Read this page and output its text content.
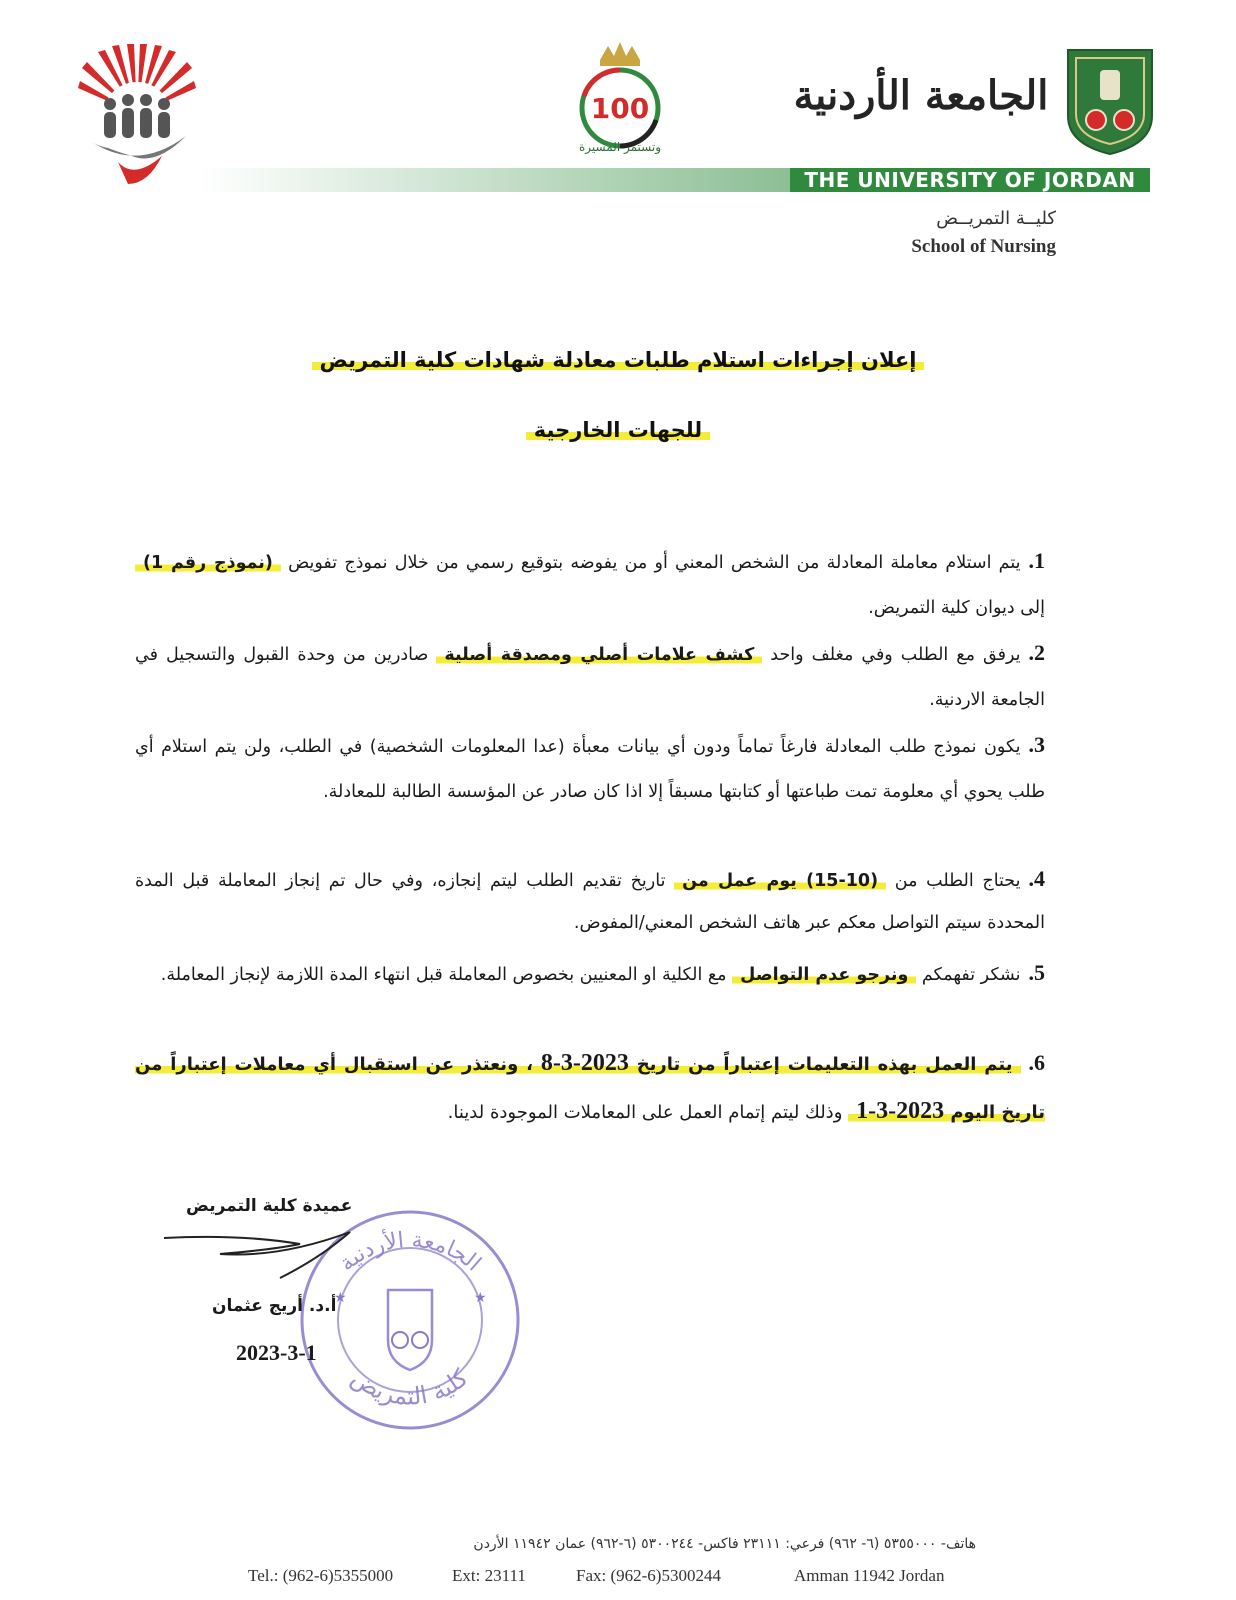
100
وتستمر المسيرة
الجامعة الأردنية
THE UNIVERSITY OF JORDAN
كليــة التمريــض
School of Nursing
إعلان إجراءات استلام طلبات معادلة شهادات كلية التمريض
للجهات الخارجية
1.يتم استلام معاملة المعادلة من الشخص المعني أو من يفوضه بتوقيع رسمي من خلال نموذج تفويض (نموذج رقم 1) إلى ديوان كلية التمريض.
2.يرفق مع الطلب وفي مغلف واحد كشف علامات أصلي ومصدقة أصلية صادرين من وحدة القبول والتسجيل في الجامعة الاردنية.
3.يكون نموذج طلب المعادلة فارغاً تماماً ودون أي بيانات معبأة (عدا المعلومات الشخصية) في الطلب، ولن يتم استلام أي طلب يحوي أي معلومة تمت طباعتها أو كتابتها مسبقاً إلا اذا كان صادر عن المؤسسة الطالبة للمعادلة.
4.يحتاج الطلب من (10-15) يوم عمل من تاريخ تقديم الطلب ليتم إنجازه، وفي حال تم إنجاز المعاملة قبل المدة المحددة سيتم التواصل معكم عبر هاتف الشخص المعني/المفوض.
5.نشكر تفهمكم ونرجو عدم التواصل مع الكلية او المعنيين بخصوص المعاملة قبل انتهاء المدة اللازمة لإنجاز المعاملة.
6.يتم العمل بهذه التعليمات إعتباراً من تاريخ 8-3-2023 ، ونعتذر عن استقبال أي معاملات إعتباراً من تاريخ اليوم 1-3-2023 وذلك ليتم إتمام العمل على المعاملات الموجودة لدينا.
الجامعة الأردنية
كلية التمريض
★	★
عميدة كلية التمريض
أ.د. أريج عثمان
2023-3-1
هاتف- ٥٣٥٥٠٠٠ (٦- ٩٦٢) فرعي: ٢٣١١١ فاكس- ٥٣٠٠٢٤٤ (٦-٩٦٢) عمان ١١٩٤٢ الأردن
Tel.: (962-6)5355000	Ext: 23111	Fax: (962-6)5300244	Amman 11942 Jordan
